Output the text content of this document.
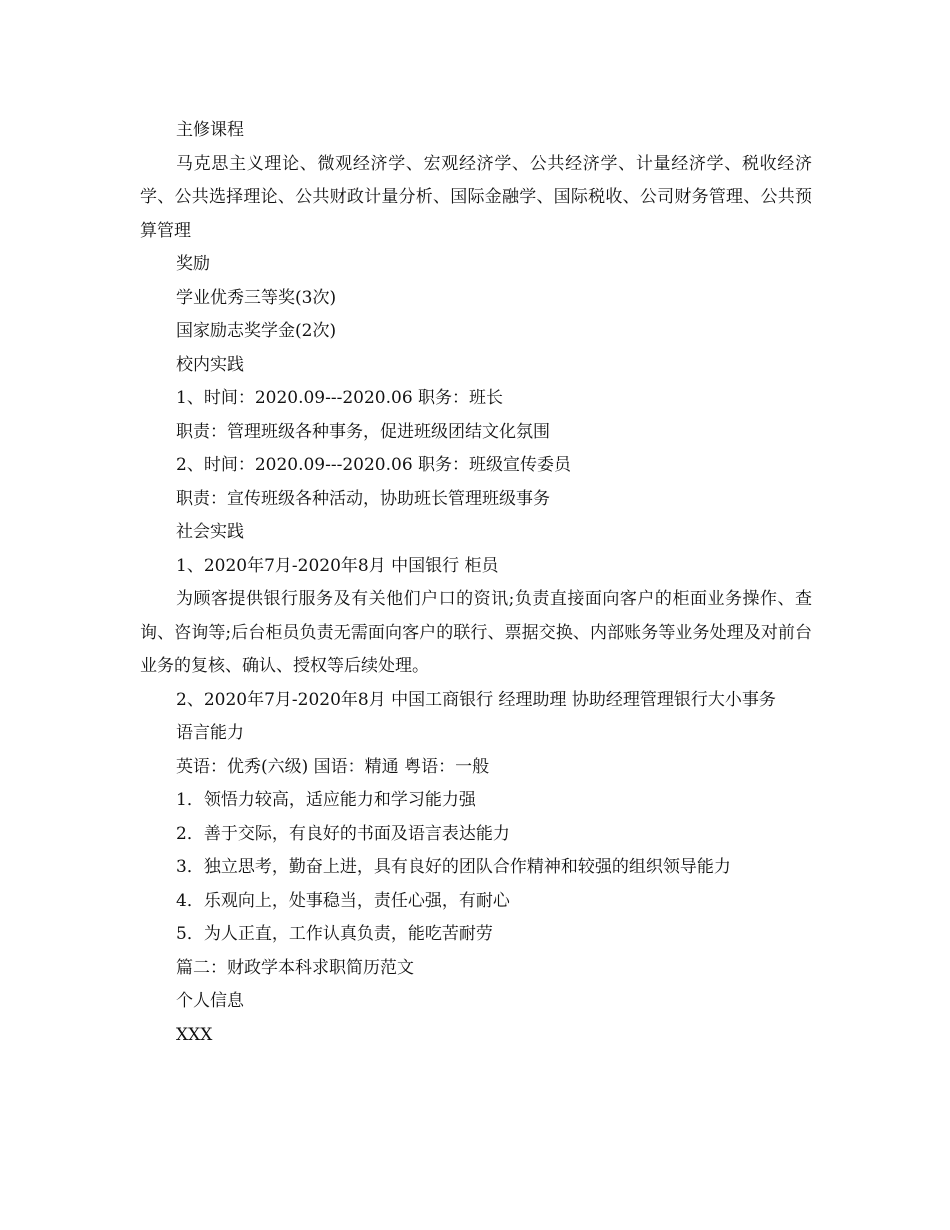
主修课程
马克思主义理论、微观经济学、宏观经济学、公共经济学、计量经济学、税收经济学、公共选择理论、公共财政计量分析、国际金融学、国际税收、公司财务管理、公共预算管理
奖励
学业优秀三等奖(3次)
国家励志奖学金(2次)
校内实践
1、时间：2020.09---2020.06 职务：班长
职责：管理班级各种事务，促进班级团结文化氛围
2、时间：2020.09---2020.06 职务：班级宣传委员
职责：宣传班级各种活动，协助班长管理班级事务
社会实践
1、2020年7月-2020年8月 中国银行 柜员
为顾客提供银行服务及有关他们户口的资讯;负责直接面向客户的柜面业务操作、查询、咨询等;后台柜员负责无需面向客户的联行、票据交换、内部账务等业务处理及对前台业务的复核、确认、授权等后续处理。
2、2020年7月-2020年8月 中国工商银行 经理助理 协助经理管理银行大小事务
语言能力
英语：优秀(六级) 国语：精通 粤语：一般
1．领悟力较高，适应能力和学习能力强
2．善于交际，有良好的书面及语言表达能力
3．独立思考，勤奋上进，具有良好的团队合作精神和较强的组织领导能力
4．乐观向上，处事稳当，责任心强，有耐心
5．为人正直，工作认真负责，能吃苦耐劳
篇二：财政学本科求职简历范文
个人信息
XXX
